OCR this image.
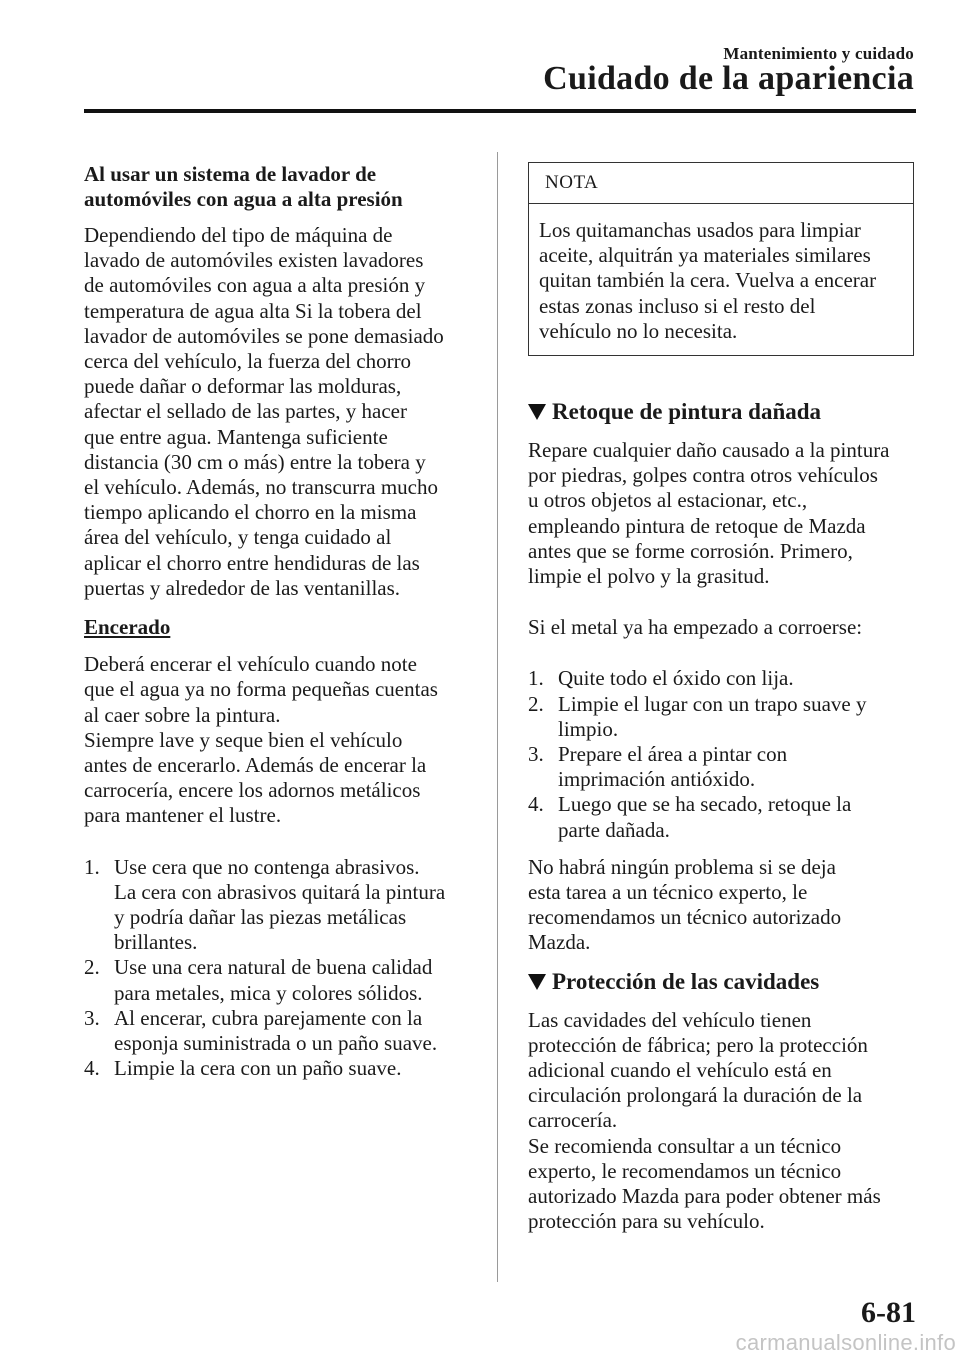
Mantenimiento y cuidado
Cuidado de la apariencia
Al usar un sistema de lavador de
automóviles con agua a alta presión

Dependiendo del tipo de máquina de
lavado de automóviles existen lavadores
de automóviles con agua a alta presión y
temperatura de agua alta Si la tobera del
lavador de automóviles se pone demasiado
cerca del vehículo, la fuerza del chorro
puede dañar o deformar las molduras,
afectar el sellado de las partes, y hacer
que entre agua. Mantenga suficiente
distancia (30 cm o más) entre la tobera y
el vehículo. Además, no transcurra mucho
tiempo aplicando el chorro en la misma
área del vehículo, y tenga cuidado al
aplicar el chorro entre hendiduras de las
puertas y alrededor de las ventanillas.

Encerado

Deberá encerar el vehículo cuando note
que el agua ya no forma pequeñas cuentas
al caer sobre la pintura.
Siempre lave y seque bien el vehículo
antes de encerarlo. Además de encerar la
carrocería, encere los adornos metálicos
para mantener el lustre.

1. Use cera que no contenga abrasivos.
La cera con abrasivos quitará la pintura
y podría dañar las piezas metálicas
brillantes.
2. Use una cera natural de buena calidad
para metales, mica y colores sólidos.
3. Al encerar, cubra parejamente con la
esponja suministrada o un paño suave.
4. Limpie la cera con un paño suave.
NOTA
Los quitamanchas usados para limpiar
aceite, alquitrán ya materiales similares
quitan también la cera. Vuelva a encerar
estas zonas incluso si el resto del
vehículo no lo necesita.
Retoque de pintura dañada

Repare cualquier daño causado a la pintura
por piedras, golpes contra otros vehículos
u otros objetos al estacionar, etc.,
empleando pintura de retoque de Mazda
antes que se forme corrosión. Primero,
limpie el polvo y la grasitud.

Si el metal ya ha empezado a corroerse:

1. Quite todo el óxido con lija.
2. Limpie el lugar con un trapo suave y
limpio.
3. Prepare el área a pintar con
imprimación antióxido.
4. Luego que se ha secado, retoque la
parte dañada.

No habrá ningún problema si se deja
esta tarea a un técnico experto, le
recomendamos un técnico autorizado
Mazda.

Protección de las cavidades

Las cavidades del vehículo tienen
protección de fábrica; pero la protección
adicional cuando el vehículo está en
circulación prolongará la duración de la
carrocería.
Se recomienda consultar a un técnico
experto, le recomendamos un técnico
autorizado Mazda para poder obtener más
protección para su vehículo.

6-81
carmanualsonline.info
